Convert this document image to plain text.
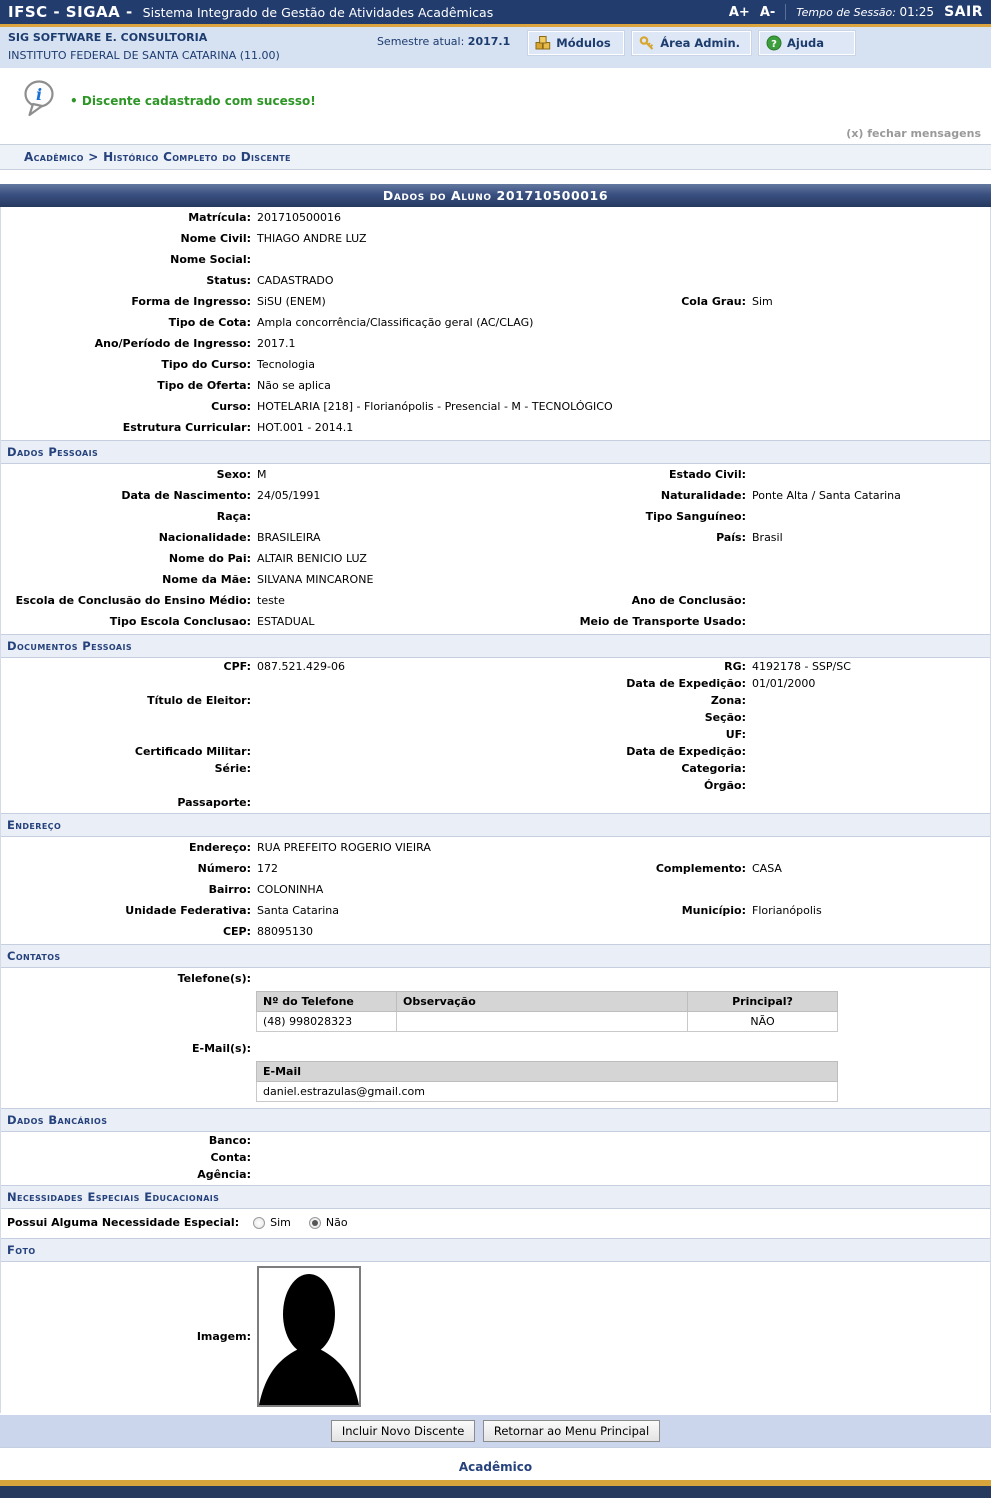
IFSC - SIGAA - Sistema Integrado de Gestão de Atividades Acadêmicas	A+ A- Tempo de Sessão: 01:25 SAIR
SIG SOFTWARE E. CONSULTORIA
INSTITUTO FEDERAL DE SANTA CATARINA (11.00)
Semestre atual: 2017.1	Módulos	Área Admin.	? Ajuda
i • Discente cadastrado com sucesso!
(x) fechar mensagens
Acadêmico > Histórico Completo do Discente
Dados do Aluno 201710500016
Matrícula: 201710500016
Nome Civil: THIAGO ANDRE LUZ
Nome Social:
Status: CADASTRADO
Forma de Ingresso: SiSU (ENEM)	Cola Grau: Sim
Tipo de Cota: Ampla concorrência/Classificação geral (AC/CLAG)
Ano/Período de Ingresso: 2017.1
Tipo do Curso: Tecnologia
Tipo de Oferta: Não se aplica
Curso: HOTELARIA [218] - Florianópolis - Presencial - M - TECNOLÓGICO
Estrutura Curricular: HOT.001 - 2014.1
Dados Pessoais
Sexo: M	Estado Civil:
Data de Nascimento: 24/05/1991	Naturalidade: Ponte Alta / Santa Catarina
Raça:	Tipo Sanguíneo:
Nacionalidade: BRASILEIRA	País: Brasil
Nome do Pai: ALTAIR BENICIO LUZ
Nome da Mãe: SILVANA MINCARONE
Escola de Conclusão do Ensino Médio: teste	Ano de Conclusão:
Tipo Escola Conclusao: ESTADUAL	Meio de Transporte Usado:
Documentos Pessoais
CPF: 087.521.429-06	RG: 4192178 - SSP/SC
Data de Expedição: 01/01/2000
Título de Eleitor:	Zona:
Seção:
UF:
Certificado Militar:	Data de Expedição:
Série:	Categoria:
Órgão:
Passaporte:
Endereço
Endereço: RUA PREFEITO ROGERIO VIEIRA
Número: 172	Complemento: CASA
Bairro: COLONINHA
Unidade Federativa: Santa Catarina	Município: Florianópolis
CEP: 88095130
Contatos
Telefone(s):
Nº do Telefone	Observação	Principal?
(48) 998028323		NÃO
E-Mail(s):
E-Mail
daniel.estrazulas@gmail.com
Dados Bancários
Banco:
Conta:
Agência:
Necessidades Especiais Educacionais
Possui Alguma Necessidade Especial:	Sim	Não
Foto
Imagem:
Incluir Novo Discente	Retornar ao Menu Principal
Acadêmico
